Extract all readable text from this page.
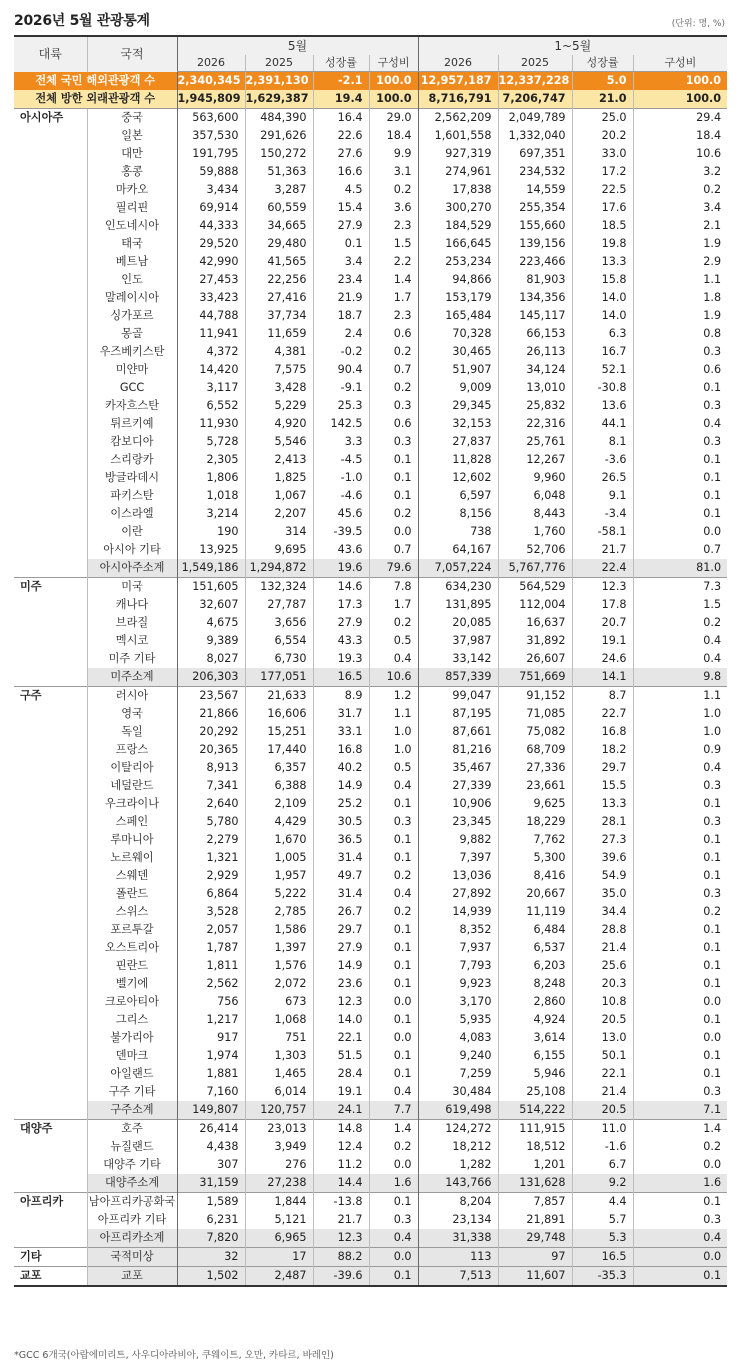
2026년 5월 관광통계	(단위: 명, %)
대륙	국적	5월				1~5월			
		2026	2025	성장률	구성비	2026	2025	성장률	구성비
전체 국민 해외관광객 수		2,340,345	2,391,130	-2.1	100.0	12,957,187	12,337,228	5.0	100.0
전체 방한 외래관광객 수		1,945,809	1,629,387	19.4	100.0	8,716,791	7,206,747	21.0	100.0
아시아주	중국	563,600	484,390	16.4	29.0	2,562,209	2,049,789	25.0	29.4
	일본	357,530	291,626	22.6	18.4	1,601,558	1,332,040	20.2	18.4
	대만	191,795	150,272	27.6	9.9	927,319	697,351	33.0	10.6
	홍콩	59,888	51,363	16.6	3.1	274,961	234,532	17.2	3.2
	마카오	3,434	3,287	4.5	0.2	17,838	14,559	22.5	0.2
	필리핀	69,914	60,559	15.4	3.6	300,270	255,354	17.6	3.4
	인도네시아	44,333	34,665	27.9	2.3	184,529	155,660	18.5	2.1
	태국	29,520	29,480	0.1	1.5	166,645	139,156	19.8	1.9
	베트남	42,990	41,565	3.4	2.2	253,234	223,466	13.3	2.9
	인도	27,453	22,256	23.4	1.4	94,866	81,903	15.8	1.1
	말레이시아	33,423	27,416	21.9	1.7	153,179	134,356	14.0	1.8
	싱가포르	44,788	37,734	18.7	2.3	165,484	145,117	14.0	1.9
	몽골	11,941	11,659	2.4	0.6	70,328	66,153	6.3	0.8
	우즈베키스탄	4,372	4,381	-0.2	0.2	30,465	26,113	16.7	0.3
	미얀마	14,420	7,575	90.4	0.7	51,907	34,124	52.1	0.6
	GCC	3,117	3,428	-9.1	0.2	9,009	13,010	-30.8	0.1
	카자흐스탄	6,552	5,229	25.3	0.3	29,345	25,832	13.6	0.3
	튀르키예	11,930	4,920	142.5	0.6	32,153	22,316	44.1	0.4
	캄보디아	5,728	5,546	3.3	0.3	27,837	25,761	8.1	0.3
	스리랑카	2,305	2,413	-4.5	0.1	11,828	12,267	-3.6	0.1
	방글라데시	1,806	1,825	-1.0	0.1	12,602	9,960	26.5	0.1
	파키스탄	1,018	1,067	-4.6	0.1	6,597	6,048	9.1	0.1
	이스라엘	3,214	2,207	45.6	0.2	8,156	8,443	-3.4	0.1
	이란	190	314	-39.5	0.0	738	1,760	-58.1	0.0
	아시아 기타	13,925	9,695	43.6	0.7	64,167	52,706	21.7	0.7
	아시아주소계	1,549,186	1,294,872	19.6	79.6	7,057,224	5,767,776	22.4	81.0
미주	미국	151,605	132,324	14.6	7.8	634,230	564,529	12.3	7.3
	캐나다	32,607	27,787	17.3	1.7	131,895	112,004	17.8	1.5
	브라질	4,675	3,656	27.9	0.2	20,085	16,637	20.7	0.2
	멕시코	9,389	6,554	43.3	0.5	37,987	31,892	19.1	0.4
	미주 기타	8,027	6,730	19.3	0.4	33,142	26,607	24.6	0.4
	미주소계	206,303	177,051	16.5	10.6	857,339	751,669	14.1	9.8
구주	러시아	23,567	21,633	8.9	1.2	99,047	91,152	8.7	1.1
	영국	21,866	16,606	31.7	1.1	87,195	71,085	22.7	1.0
	독일	20,292	15,251	33.1	1.0	87,661	75,082	16.8	1.0
	프랑스	20,365	17,440	16.8	1.0	81,216	68,709	18.2	0.9
	이탈리아	8,913	6,357	40.2	0.5	35,467	27,336	29.7	0.4
	네덜란드	7,341	6,388	14.9	0.4	27,339	23,661	15.5	0.3
	우크라이나	2,640	2,109	25.2	0.1	10,906	9,625	13.3	0.1
	스페인	5,780	4,429	30.5	0.3	23,345	18,229	28.1	0.3
	루마니아	2,279	1,670	36.5	0.1	9,882	7,762	27.3	0.1
	노르웨이	1,321	1,005	31.4	0.1	7,397	5,300	39.6	0.1
	스웨덴	2,929	1,957	49.7	0.2	13,036	8,416	54.9	0.1
	폴란드	6,864	5,222	31.4	0.4	27,892	20,667	35.0	0.3
	스위스	3,528	2,785	26.7	0.2	14,939	11,119	34.4	0.2
	포르투갈	2,057	1,586	29.7	0.1	8,352	6,484	28.8	0.1
	오스트리아	1,787	1,397	27.9	0.1	7,937	6,537	21.4	0.1
	핀란드	1,811	1,576	14.9	0.1	7,793	6,203	25.6	0.1
	벨기에	2,562	2,072	23.6	0.1	9,923	8,248	20.3	0.1
	크로아티아	756	673	12.3	0.0	3,170	2,860	10.8	0.0
	그리스	1,217	1,068	14.0	0.1	5,935	4,924	20.5	0.1
	불가리아	917	751	22.1	0.0	4,083	3,614	13.0	0.0
	덴마크	1,974	1,303	51.5	0.1	9,240	6,155	50.1	0.1
	아일랜드	1,881	1,465	28.4	0.1	7,259	5,946	22.1	0.1
	구주 기타	7,160	6,014	19.1	0.4	30,484	25,108	21.4	0.3
	구주소계	149,807	120,757	24.1	7.7	619,498	514,222	20.5	7.1
대양주	호주	26,414	23,013	14.8	1.4	124,272	111,915	11.0	1.4
	뉴질랜드	4,438	3,949	12.4	0.2	18,212	18,512	-1.6	0.2
	대양주 기타	307	276	11.2	0.0	1,282	1,201	6.7	0.0
	대양주소계	31,159	27,238	14.4	1.6	143,766	131,628	9.2	1.6
아프리카	남아프리카공화국	1,589	1,844	-13.8	0.1	8,204	7,857	4.4	0.1
	아프리카 기타	6,231	5,121	21.7	0.3	23,134	21,891	5.7	0.3
	아프리카소계	7,820	6,965	12.3	0.4	31,338	29,748	5.3	0.4
기타	국적미상	32	17	88.2	0.0	113	97	16.5	0.0
교포	교포	1,502	2,487	-39.6	0.1	7,513	11,607	-35.3	0.1
*GCC 6개국(아랍에미리트, 사우디아라비아, 쿠웨이트, 오만, 카타르, 바레인)
